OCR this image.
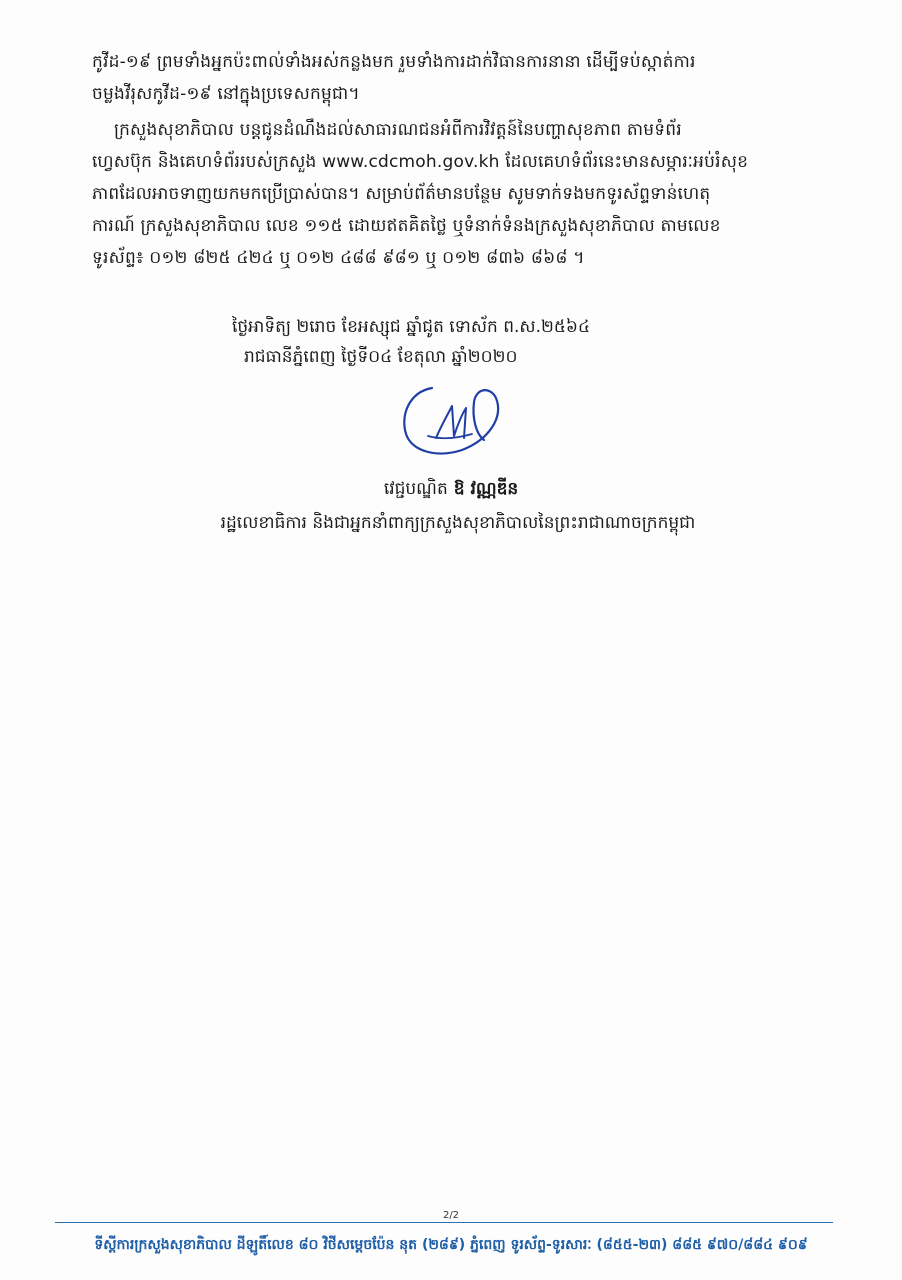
កូវីដ-១៩ ព្រមទាំងអ្នកប៉ះពាល់ទាំងអស់កន្លងមក រួមទាំងការដាក់វិធានការនានា ដើម្បីទប់ស្កាត់ការ
ចម្លងវីរុសកូវីដ-១៩ នៅក្នុងប្រទេសកម្ពុជា។
ក្រសួងសុខាភិបាល បន្តជូនដំណឹងដល់សាធារណជនអំពីការវិវត្តន៍នៃបញ្ហាសុខភាព តាមទំព័រ
ហ្វេសប៊ុក និងគេហទំព័ររបស់ក្រសួង www.cdcmoh.gov.kh ដែលគេហទំព័រនេះមានសម្ភារៈអប់រំសុខ
ភាពដែលអាចទាញយកមកប្រើប្រាស់បាន។ សម្រាប់ព័ត៌មានបន្ថែម សូមទាក់ទងមកទូរស័ព្ទទាន់ហេតុ
ការណ៍ ក្រសួងសុខាភិបាល លេខ ១១៥ ដោយឥតគិតថ្លៃ ឬទំនាក់ទំនងក្រសួងសុខាភិបាល តាមលេខ
ទូរស័ព្ទ៖ ០១២ ៨២៥ ៤២៤ ឬ ០១២ ៤៨៨ ៩៨១ ឬ ០១២ ៨៣៦ ៨៦៨ ។
ថ្ងៃអាទិត្យ ២រោច ខែអស្សុជ ឆ្នាំជូត ទោស័ក ព.ស.២៥៦៤
រាជធានីភ្នំពេញ ថ្ងៃទី០៤ ខែតុលា ឆ្នាំ២០២០
វេជ្ជបណ្ឌិត ឱ វណ្ណឌីន
រដ្ឋលេខាធិការ និងជាអ្នកនាំពាក្យក្រសួងសុខាភិបាលនៃព្រះរាជាណាចក្រកម្ពុជា
2/2
ទីស្តីការក្រសួងសុខាភិបាល ដីឡូតិ៍លេខ ៨០ វិថីសម្តេចប៉ែន នុត (២៨៩) ភ្នំពេញ ទូរស័ព្ទ-ទូរសារៈ (៨៥៥-២៣) ៨៨៥ ៩៧០/៨៨៤ ៩០៩
